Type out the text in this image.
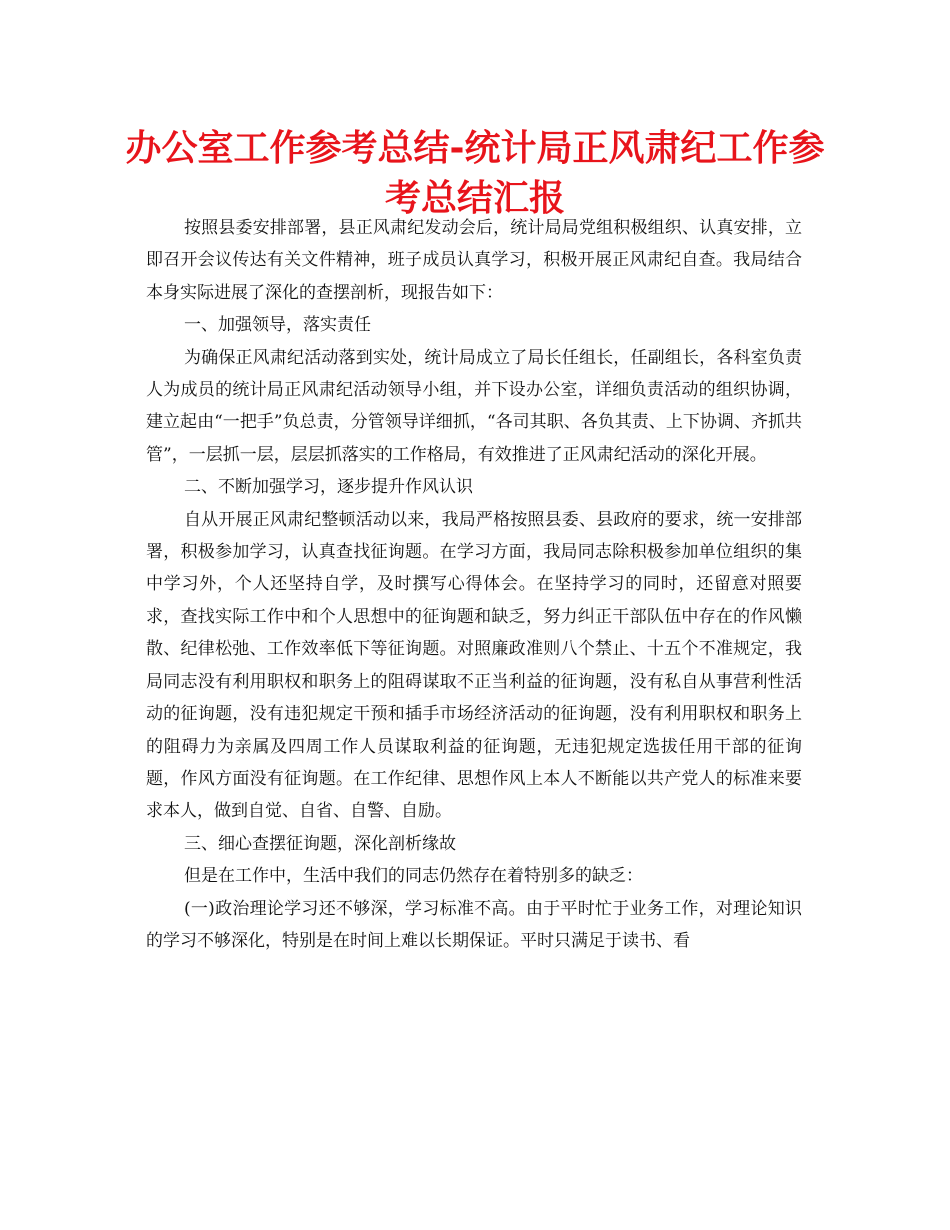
办公室工作参考总结-统计局正风肃纪工作参考总结汇报

按照县委安排部署，县正风肃纪发动会后，统计局局党组积极组织、认真安排，立即召开会议传达有关文件精神，班子成员认真学习，积极开展正风肃纪自查。我局结合本身实际进展了深化的查摆剖析，现报告如下：

一、加强领导，落实责任

为确保正风肃纪活动落到实处，统计局成立了局长任组长，任副组长，各科室负责人为成员的统计局正风肃纪活动领导小组，并下设办公室，详细负责活动的组织协调，建立起由“一把手”负总责，分管领导详细抓，“各司其职、各负其责、上下协调、齐抓共管”，一层抓一层，层层抓落实的工作格局，有效推进了正风肃纪活动的深化开展。

二、不断加强学习，逐步提升作风认识

自从开展正风肃纪整顿活动以来，我局严格按照县委、县政府的要求，统一安排部署，积极参加学习，认真查找征询题。在学习方面，我局同志除积极参加单位组织的集中学习外，个人还坚持自学，及时撰写心得体会。在坚持学习的同时，还留意对照要求，查找实际工作中和个人思想中的征询题和缺乏，努力纠正干部队伍中存在的作风懒散、纪律松弛、工作效率低下等征询题。对照廉政准则八个禁止、十五个不准规定，我局同志没有利用职权和职务上的阻碍谋取不正当利益的征询题，没有私自从事营利性活动的征询题，没有违犯规定干预和插手市场经济活动的征询题，没有利用职权和职务上的阻碍力为亲属及四周工作人员谋取利益的征询题，无违犯规定选拔任用干部的征询题，作风方面没有征询题。在工作纪律、思想作风上本人不断能以共产党人的标准来要求本人，做到自觉、自省、自警、自励。

三、细心查摆征询题，深化剖析缘故

但是在工作中，生活中我们的同志仍然存在着特别多的缺乏：

(一)政治理论学习还不够深，学习标准不高。由于平时忙于业务工作，对理论知识的学习不够深化，特别是在时间上难以长期保证。平时只满足于读书、看
